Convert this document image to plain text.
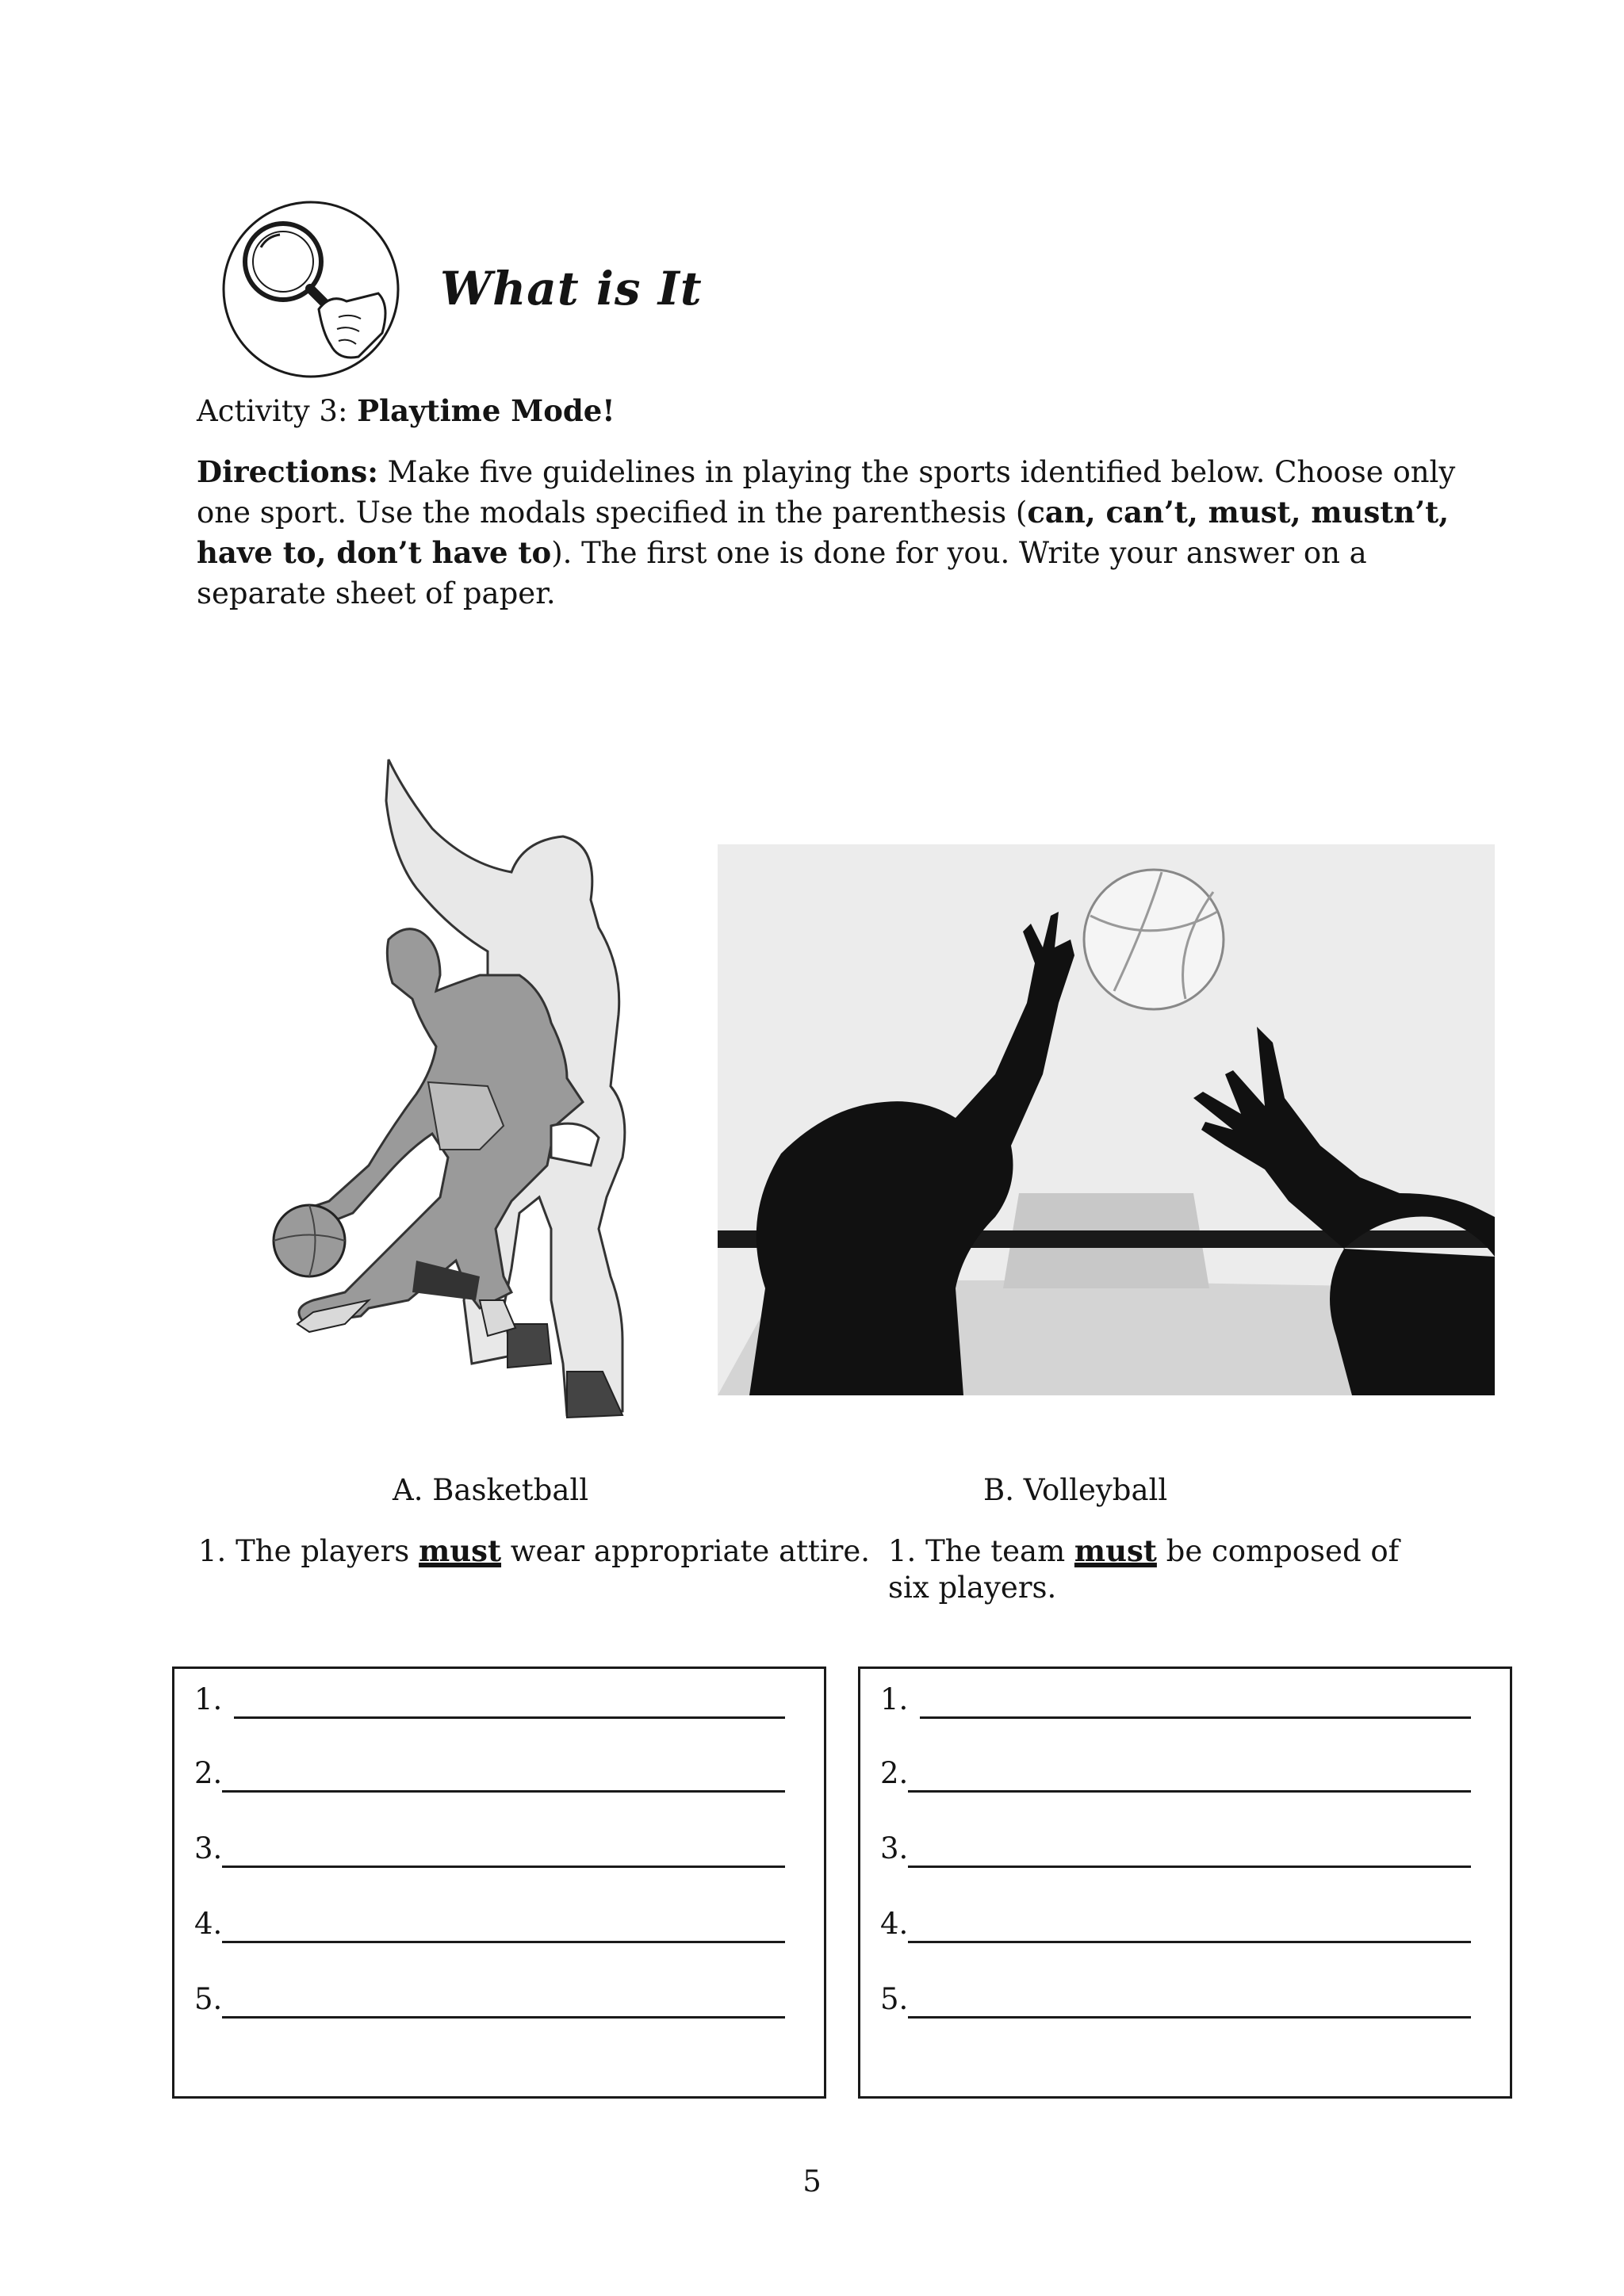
What is It
Activity 3: Playtime Mode!
Directions: Make five guidelines in playing the sports identified below. Choose only
one sport. Use the modals specified in the parenthesis (can, can’t, must, mustn’t,
have to, don’t have to). The first one is done for you. Write your answer on a
separate sheet of paper.
A. Basketball	B. Volleyball
1. The players must wear appropriate attire. 1. The team must be composed of
six players.
1.
2.
3.
4.
5.
1.
2.
3.
4.
5.
5
